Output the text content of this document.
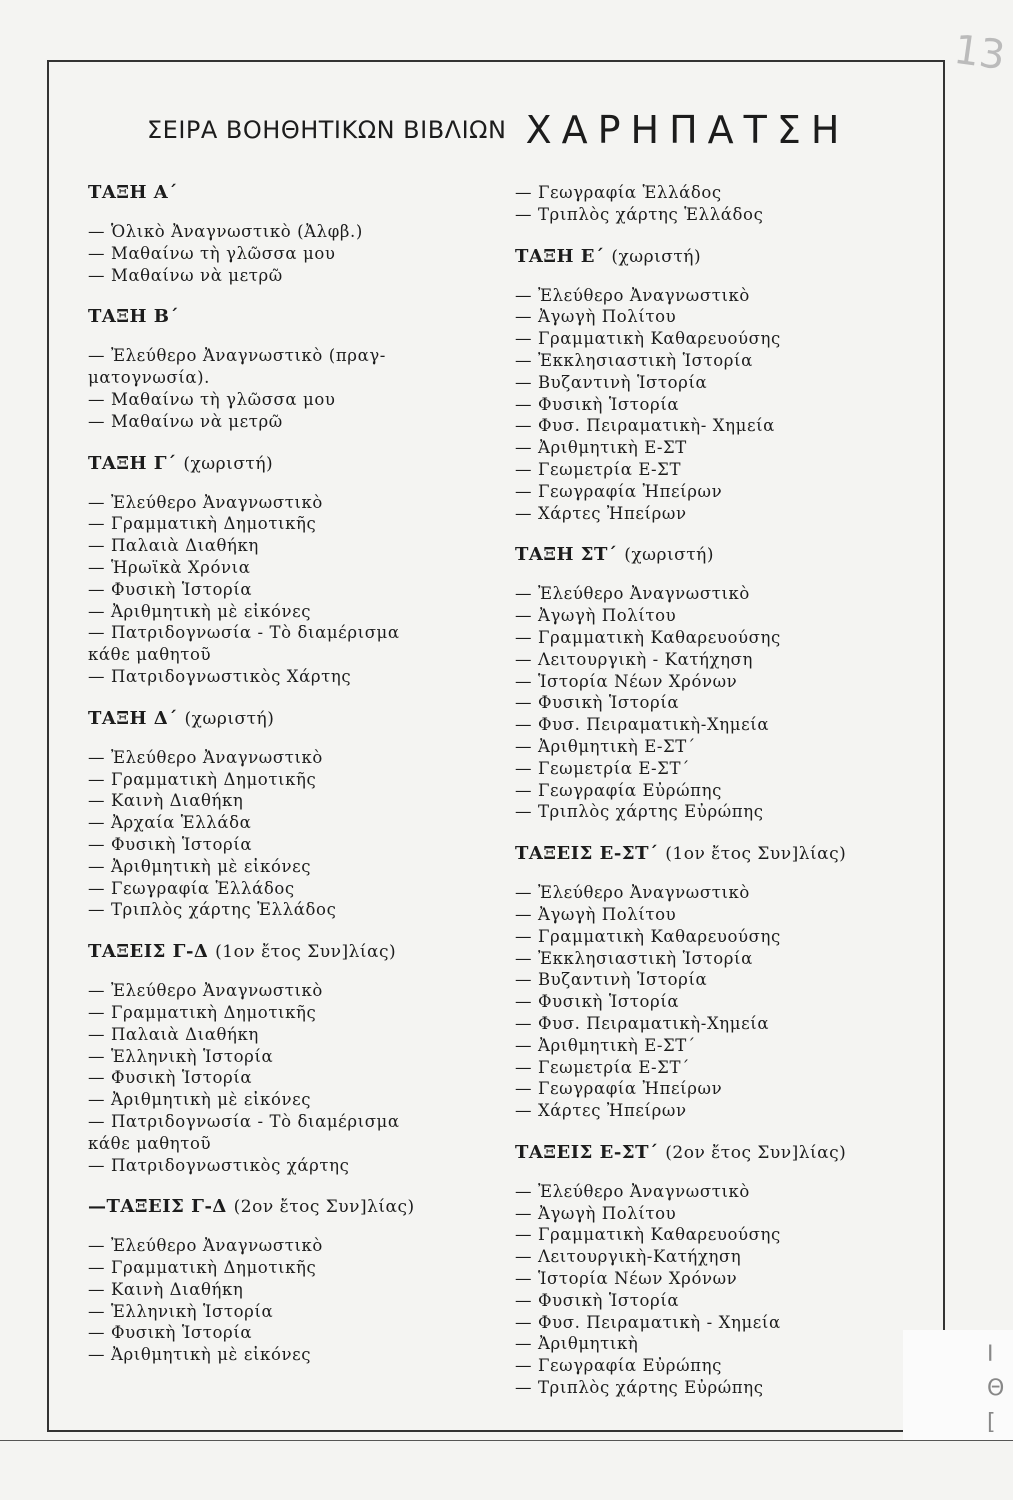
13
ΣΕΙΡΑ ΒΟΗΘΗΤΙΚΩΝ ΒΙΒΛΙΩΝ ΧΑΡΗΠΑΤΣΗ
ΤΑΞΗ Α΄
— Ὁλικὸ Ἀναγνωστικὸ (Ἀλφβ.)
— Μαθαίνω τὴ γλῶσσα μου
— Μαθαίνω νὰ μετρῶ
ΤΑΞΗ Β΄
— Ἐλεύθερο Ἀναγνωστικὸ (πραγ-
ματογνωσία).
— Μαθαίνω τὴ γλῶσσα μου
— Μαθαίνω νὰ μετρῶ
ΤΑΞΗ Γ΄ (χωριστή)
— Ἐλεύθερο Ἀναγνωστικὸ
— Γραμματικὴ Δημοτικῆς
— Παλαιὰ Διαθήκη
— Ἡρωϊκὰ Χρόνια
— Φυσικὴ Ἱστορία
— Ἀριθμητικὴ μὲ εἰκόνες
— Πατριδογνωσία - Τὸ διαμέρισμα
κάθε μαθητοῦ
— Πατριδογνωστικὸς Χάρτης
ΤΑΞΗ Δ΄ (χωριστή)
— Ἐλεύθερο Ἀναγνωστικὸ
— Γραμματικὴ Δημοτικῆς
— Καινὴ Διαθήκη
— Ἀρχαία Ἑλλάδα
— Φυσικὴ Ἱστορία
— Ἀριθμητικὴ μὲ εἰκόνες
— Γεωγραφία Ἑλλάδος
— Τριπλὸς χάρτης Ἑλλάδος
ΤΑΞΕΙΣ Γ-Δ (1ον ἔτος Συν]λίας)
— Ἐλεύθερο Ἀναγνωστικὸ
— Γραμματικὴ Δημοτικῆς
— Παλαιὰ Διαθήκη
— Ἑλληνικὴ Ἱστορία
— Φυσικὴ Ἱστορία
— Ἀριθμητικὴ μὲ εἰκόνες
— Πατριδογνωσία - Τὸ διαμέρισμα
κάθε μαθητοῦ
— Πατριδογνωστικὸς χάρτης
—ΤΑΞΕΙΣ Γ-Δ (2ον ἔτος Συν]λίας)
— Ἐλεύθερο Ἀναγνωστικὸ
— Γραμματικὴ Δημοτικῆς
— Καινὴ Διαθήκη
— Ἑλληνικὴ Ἱστορία
— Φυσικὴ Ἱστορία
— Ἀριθμητικὴ μὲ εἰκόνες
— Γεωγραφία Ἑλλάδος
— Τριπλὸς χάρτης Ἑλλάδος
ΤΑΞΗ Ε΄ (χωριστή)
— Ἐλεύθερο Ἀναγνωστικὸ
— Ἀγωγὴ Πολίτου
— Γραμματικὴ Καθαρευούσης
— Ἐκκλησιαστικὴ Ἱστορία
— Βυζαντινὴ Ἱστορία
— Φυσικὴ Ἱστορία
— Φυσ. Πειραματικὴ- Χημεία
— Ἀριθμητικὴ Ε-ΣΤ
— Γεωμετρία Ε-ΣΤ
— Γεωγραφία Ἠπείρων
— Χάρτες Ἠπείρων
ΤΑΞΗ ΣΤ΄ (χωριστή)
— Ἐλεύθερο Ἀναγνωστικὸ
— Ἀγωγὴ Πολίτου
— Γραμματικὴ Καθαρευούσης
— Λειτουργικὴ - Κατήχηση
— Ἱστορία Νέων Χρόνων
— Φυσικὴ Ἱστορία
— Φυσ. Πειραματικὴ-Χημεία
— Ἀριθμητικὴ Ε-ΣΤ΄
— Γεωμετρία Ε-ΣΤ΄
— Γεωγραφία Εὐρώπης
— Τριπλὸς χάρτης Εὐρώπης
ΤΑΞΕΙΣ Ε-ΣΤ΄ (1ον ἔτος Συν]λίας)
— Ἐλεύθερο Ἀναγνωστικὸ
— Ἀγωγὴ Πολίτου
— Γραμματικὴ Καθαρευούσης
— Ἐκκλησιαστικὴ Ἱστορία
— Βυζαντινὴ Ἱστορία
— Φυσικὴ Ἱστορία
— Φυσ. Πειραματικὴ-Χημεία
— Ἀριθμητικὴ Ε-ΣΤ΄
— Γεωμετρία Ε-ΣΤ΄
— Γεωγραφία Ἠπείρων
— Χάρτες Ἠπείρων
ΤΑΞΕΙΣ Ε-ΣΤ΄ (2ον ἔτος Συν]λίας)
— Ἐλεύθερο Ἀναγνωστικὸ
— Ἀγωγὴ Πολίτου
— Γραμματικὴ Καθαρευούσης
— Λειτουργικὴ-Κατήχηση
— Ἱστορία Νέων Χρόνων
— Φυσικὴ Ἱστορία
— Φυσ. Πειραματικὴ - Χημεία
— Ἀριθμητικὴ
— Γεωγραφία Εὐρώπης
— Τριπλὸς χάρτης Εὐρώπης
Ι
Θ
[
